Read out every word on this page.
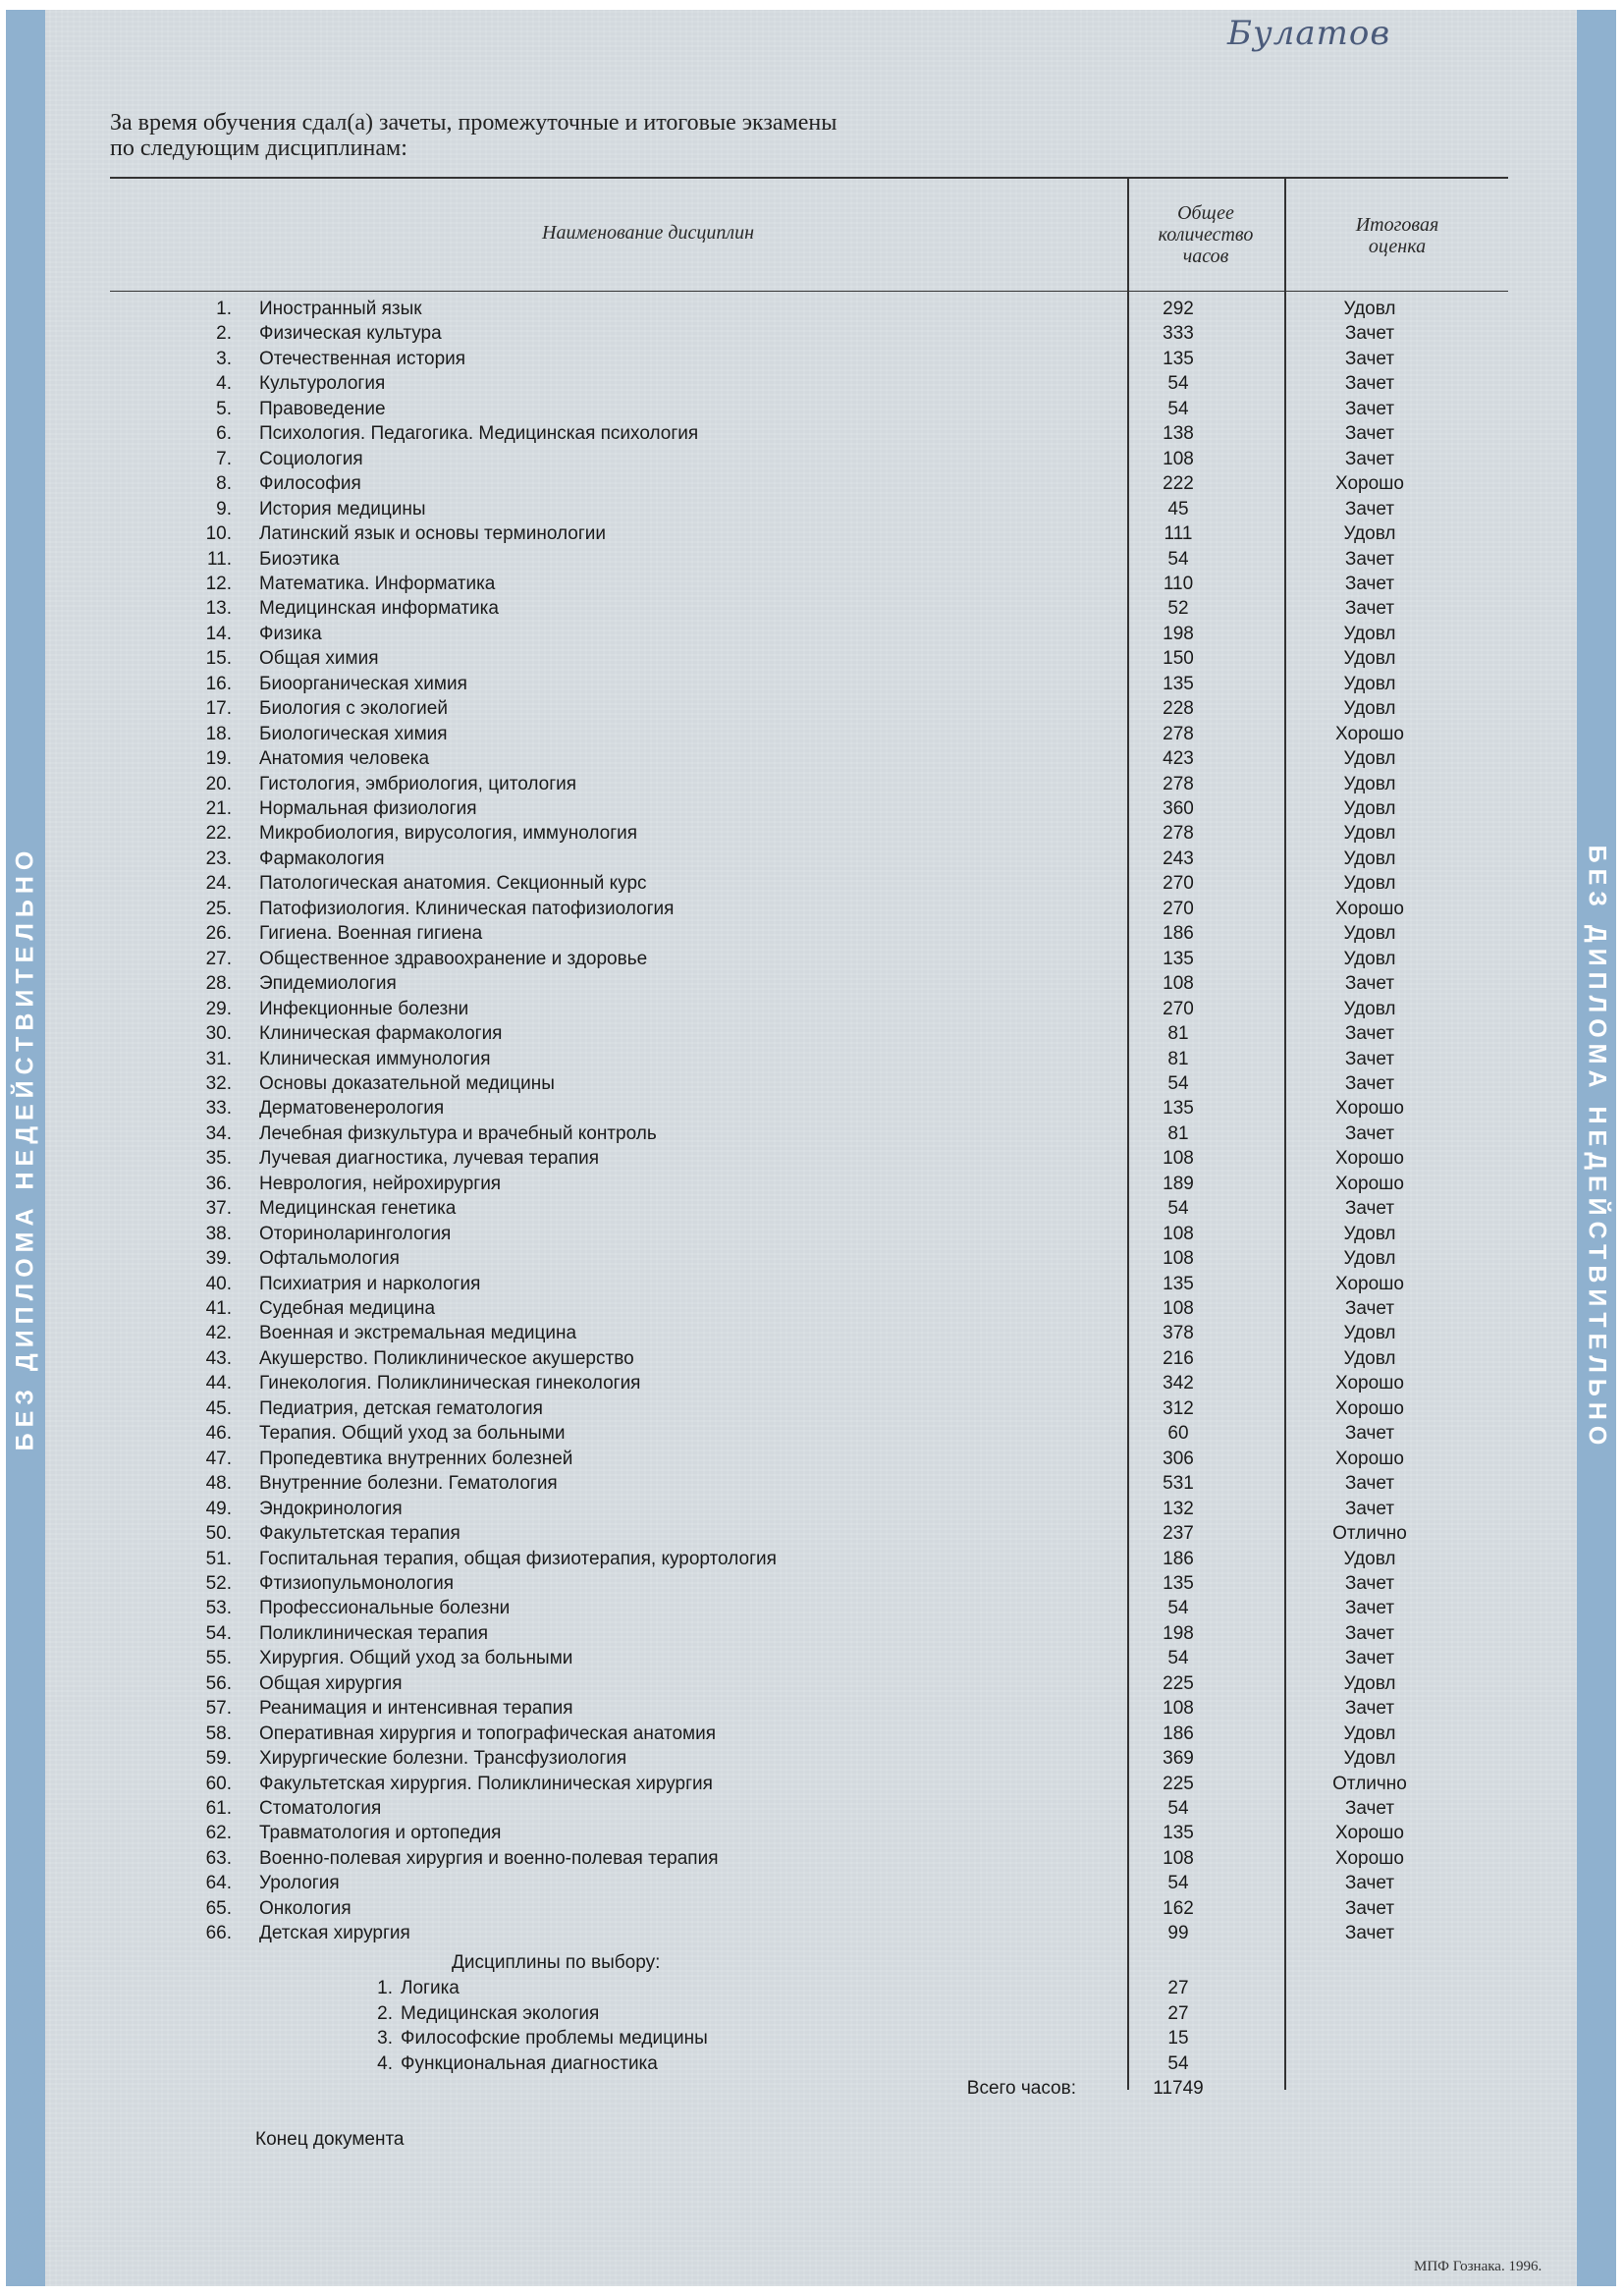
БЕЗ ДИПЛОМА НЕДЕЙСТВИТЕЛЬНО	БЕЗ ДИПЛОМА НЕДЕЙСТВИТЕЛЬНО
Булатов
За время обучения сдал(а) зачеты, промежуточные и итоговые экзамены
по следующим дисциплинам:
Наименование дисциплин
Общее
количество
часов
Итоговая
оценка
1. Иностранный язык	292	Удовл
2. Физическая культура	333	Зачет
3. Отечественная история	135	Зачет
4. Культурология	54	Зачет
5. Правоведение	54	Зачет
6. Психология. Педагогика. Медицинская психология	138	Зачет
7. Социология	108	Зачет
8. Философия	222	Хорошо
9. История медицины	45	Зачет
10. Латинский язык и основы терминологии	111	Удовл
11. Биоэтика	54	Зачет
12. Математика. Информатика	110	Зачет
13. Медицинская информатика	52	Зачет
14. Физика	198	Удовл
15. Общая химия	150	Удовл
16. Биоорганическая химия	135	Удовл
17. Биология с экологией	228	Удовл
18. Биологическая химия	278	Хорошо
19. Анатомия человека	423	Удовл
20. Гистология, эмбриология, цитология	278	Удовл
21. Нормальная физиология	360	Удовл
22. Микробиология, вирусология, иммунология	278	Удовл
23. Фармакология	243	Удовл
24. Патологическая анатомия. Секционный курс	270	Удовл
25. Патофизиология. Клиническая патофизиология	270	Хорошо
26. Гигиена. Военная гигиена	186	Удовл
27. Общественное здравоохранение и здоровье	135	Удовл
28. Эпидемиология	108	Зачет
29. Инфекционные болезни	270	Удовл
30. Клиническая фармакология	81	Зачет
31. Клиническая иммунология	81	Зачет
32. Основы доказательной медицины	54	Зачет
33. Дерматовенерология	135	Хорошо
34. Лечебная физкультура и врачебный контроль	81	Зачет
35. Лучевая диагностика, лучевая терапия	108	Хорошо
36. Неврология, нейрохирургия	189	Хорошо
37. Медицинская генетика	54	Зачет
38. Оториноларингология	108	Удовл
39. Офтальмология	108	Удовл
40. Психиатрия и наркология	135	Хорошо
41. Судебная медицина	108	Зачет
42. Военная и экстремальная медицина	378	Удовл
43. Акушерство. Поликлиническое акушерство	216	Удовл
44. Гинекология. Поликлиническая гинекология	342	Хорошо
45. Педиатрия, детская гематология	312	Хорошо
46. Терапия. Общий уход за больными	60	Зачет
47. Пропедевтика внутренних болезней	306	Хорошо
48. Внутренние болезни. Гематология	531	Зачет
49. Эндокринология	132	Зачет
50. Факультетская терапия	237	Отлично
51. Госпитальная терапия, общая физиотерапия, курортология	186	Удовл
52. Фтизиопульмонология	135	Зачет
53. Профессиональные болезни	54	Зачет
54. Поликлиническая терапия	198	Зачет
55. Хирургия. Общий уход за больными	54	Зачет
56. Общая хирургия	225	Удовл
57. Реанимация и интенсивная терапия	108	Зачет
58. Оперативная хирургия и топографическая анатомия	186	Удовл
59. Хирургические болезни. Трансфузиология	369	Удовл
60. Факультетская хирургия. Поликлиническая хирургия	225	Отлично
61. Стоматология	54	Зачет
62. Травматология и ортопедия	135	Хорошо
63. Военно-полевая хирургия и военно-полевая терапия	108	Хорошо
64. Урология	54	Зачет
65. Онкология	162	Зачет
66. Детская хирургия	99	Зачет
Дисциплины по выбору:
1. Логика	27
2. Медицинская экология	27
3. Философские проблемы медицины	15
4. Функциональная диагностика	54
Всего часов:	11749
Конец документа
МПФ Гознака. 1996.
